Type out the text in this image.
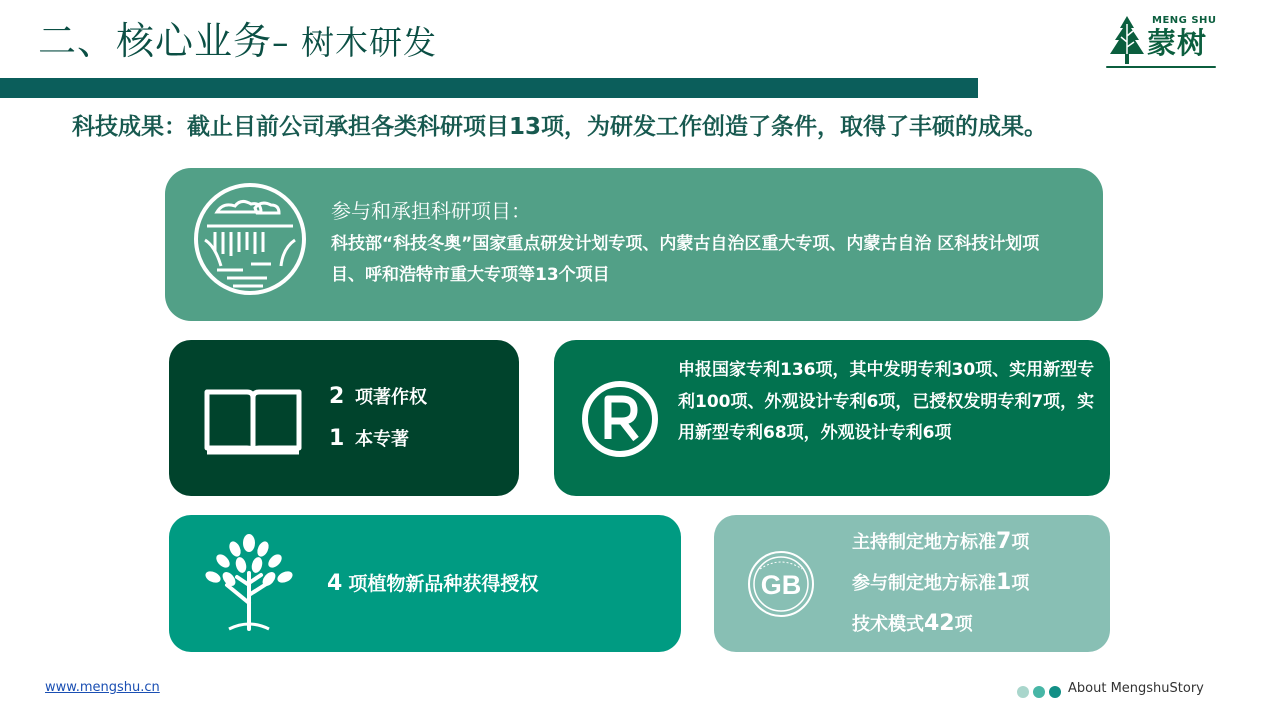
二、核心业务– 树木研发
MENG SHU
蒙树
科技成果：截止目前公司承担各类科研项目13项，为研发工作创造了条件，取得了丰硕的成果。
参与和承担科研项目：
科技部“科技冬奥”国家重点研发计划专项、内蒙古自治区重大专项、内蒙古自治 区科技计划项目、呼和浩特市重大专项等13个项目
2 项著作权
1 本专著
申报国家专利136项，其中发明专利30项、实用新型专利100项、外观设计专利6项，已授权发明专利7项，实用新型专利68项，外观设计专利6项
4 项植物新品种获得授权	GB
主持制定地方标准7项
参与制定地方标准1项
技术模式42项
www.mengshu.cn	About MengshuStory
